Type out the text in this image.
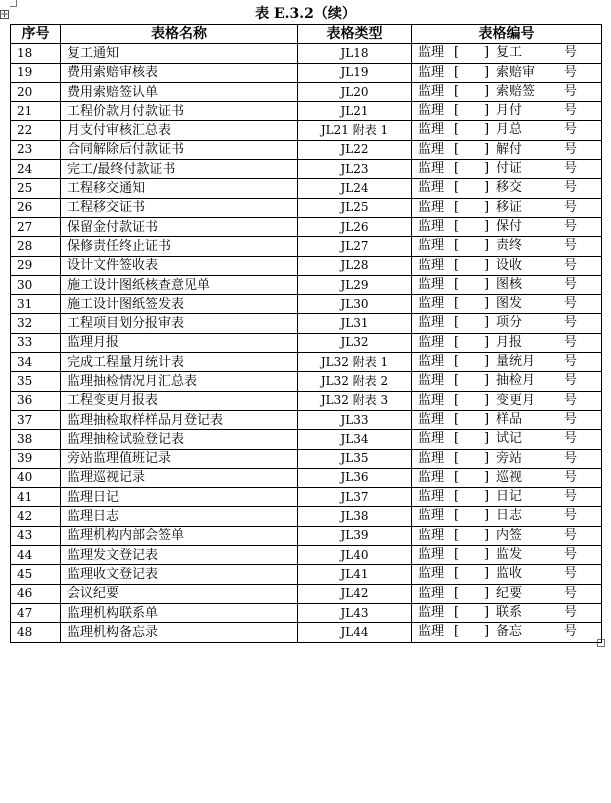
✛	表 E.3.2（续）
序号	表格名称	表格类型	表格编号
18	复工通知	JL18	监理 [ ] 复工 号

19	费用索赔审核表	JL19	监理 [ ] 索赔审 号

20	费用索赔签认单	JL20	监理 [ ] 索赔签 号

21	工程价款月付款证书	JL21	监理 [ ] 月付 号

22	月支付审核汇总表	JL21 附表 1	监理 [ ] 月总 号

23	合同解除后付款证书	JL22	监理 [ ] 解付 号

24	完工/最终付款证书	JL23	监理 [ ] 付证 号

25	工程移交通知	JL24	监理 [ ] 移交 号

26	工程移交证书	JL25	监理 [ ] 移证 号

27	保留金付款证书	JL26	监理 [ ] 保付 号

28	保修责任终止证书	JL27	监理 [ ] 责终 号

29	设计文件签收表	JL28	监理 [ ] 设收 号

30	施工设计图纸核查意见单	JL29	监理 [ ] 图核 号

31	施工设计图纸签发表	JL30	监理 [ ] 图发 号

32	工程项目划分报审表	JL31	监理 [ ] 项分 号

33	监理月报	JL32	监理 [ ] 月报 号

34	完成工程量月统计表	JL32 附表 1	监理 [ ] 量统月 号

35	监理抽检情况月汇总表	JL32 附表 2	监理 [ ] 抽检月 号

36	工程变更月报表	JL32 附表 3	监理 [ ] 变更月 号

37	监理抽检取样样品月登记表	JL33	监理 [ ] 样品 号

38	监理抽检试验登记表	JL34	监理 [ ] 试记 号

39	旁站监理值班记录	JL35	监理 [ ] 旁站 号

40	监理巡视记录	JL36	监理 [ ] 巡视 号

41	监理日记	JL37	监理 [ ] 日记 号

42	监理日志	JL38	监理 [ ] 日志 号

43	监理机构内部会签单	JL39	监理 [ ] 内签 号

44	监理发文登记表	JL40	监理 [ ] 监发 号

45	监理收文登记表	JL41	监理 [ ] 监收 号

46	会议纪要	JL42	监理 [ ] 纪要 号

47	监理机构联系单	JL43	监理 [ ] 联系 号

48	监理机构备忘录	JL44	监理 [ ] 备忘 号
